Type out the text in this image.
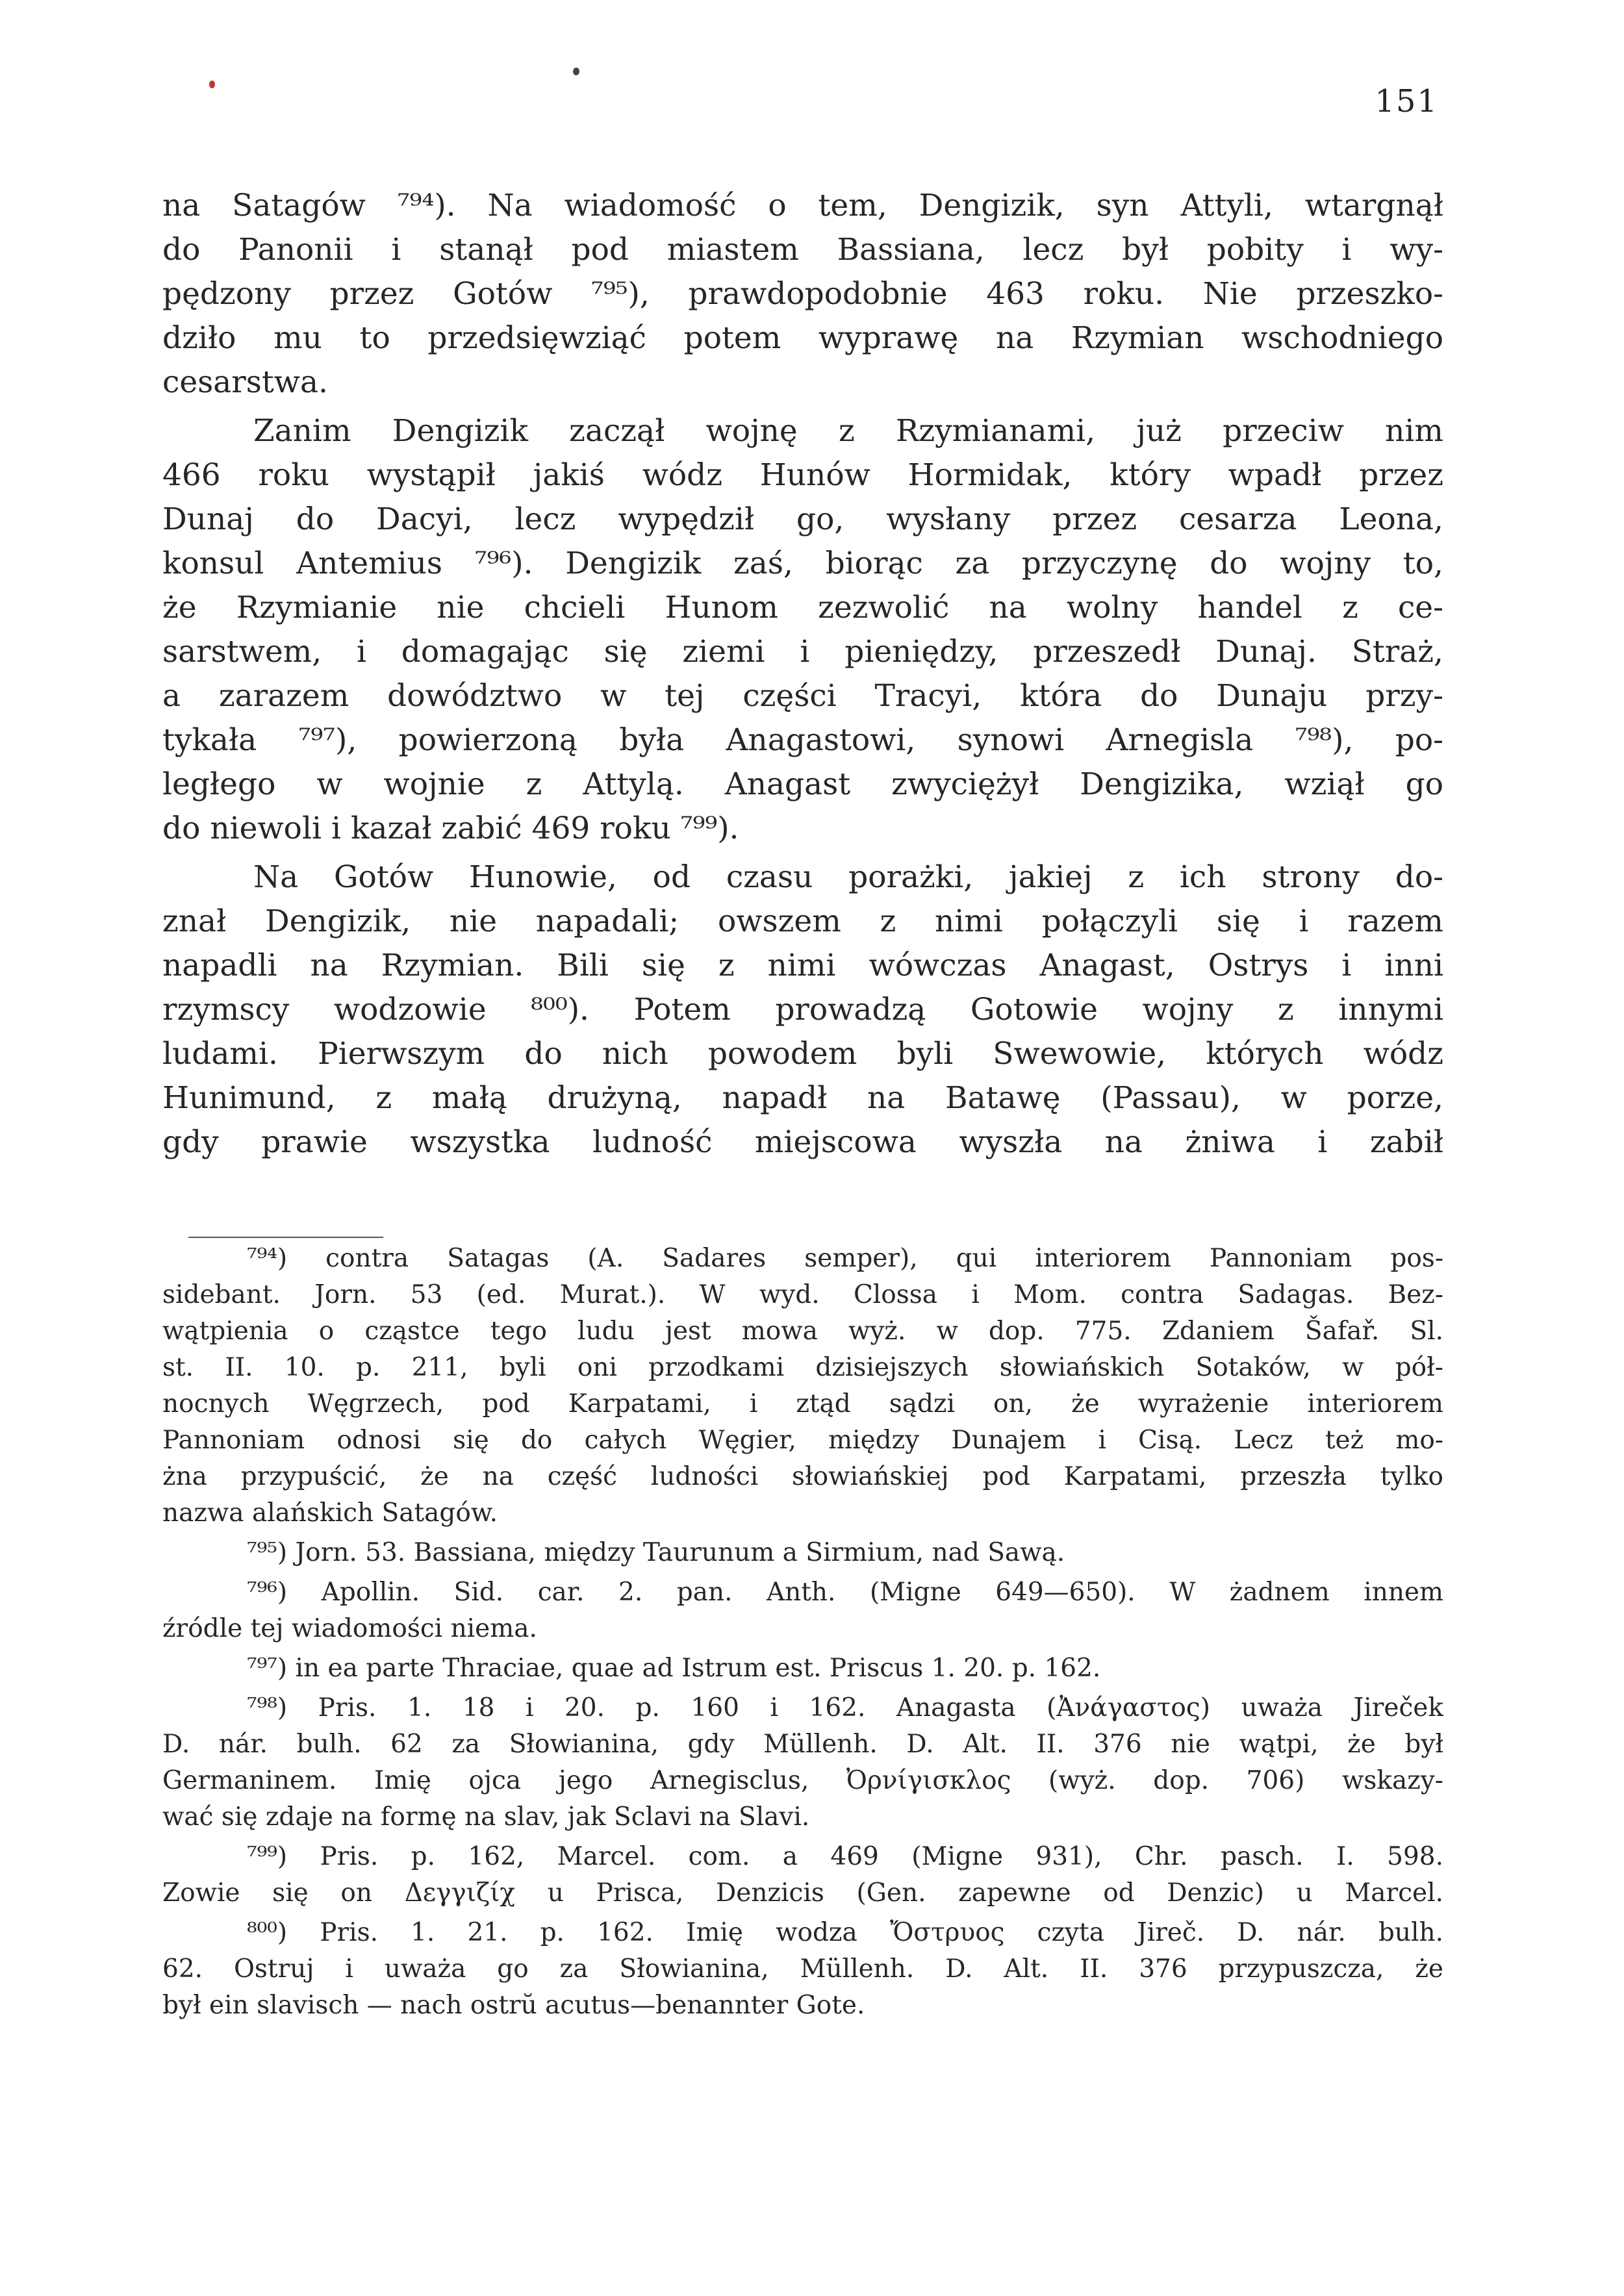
151
na Satagów ⁷⁹⁴). Na wiadomość o tem, Dengizik, syn Attyli, wtargnął
do Panonii i stanął pod miastem Bassiana, lecz był pobity i wy-
pędzony przez Gotów ⁷⁹⁵), prawdopodobnie 463 roku. Nie przeszko-
dziło mu to przedsięwziąć potem wyprawę na Rzymian wschodniego
cesarstwa.
Zanim Dengizik zaczął wojnę z Rzymianami, już przeciw nim
466 roku wystąpił jakiś wódz Hunów Hormidak, który wpadł przez
Dunaj do Dacyi, lecz wypędził go, wysłany przez cesarza Leona,
konsul Antemius ⁷⁹⁶). Dengizik zaś, biorąc za przyczynę do wojny to,
że Rzymianie nie chcieli Hunom zezwolić na wolny handel z ce-
sarstwem, i domagając się ziemi i pieniędzy, przeszedł Dunaj. Straż,
a zarazem dowództwo w tej części Tracyi, która do Dunaju przy-
tykała ⁷⁹⁷), powierzoną była Anagastowi, synowi Arnegisla ⁷⁹⁸), po-
ległego w wojnie z Attylą. Anagast zwyciężył Dengizika, wziął go
do niewoli i kazał zabić 469 roku ⁷⁹⁹).
Na Gotów Hunowie, od czasu porażki, jakiej z ich strony do-
znał Dengizik, nie napadali; owszem z nimi połączyli się i razem
napadli na Rzymian. Bili się z nimi wówczas Anagast, Ostrys i inni
rzymscy wodzowie ⁸⁰⁰). Potem prowadzą Gotowie wojny z innymi
ludami. Pierwszym do nich powodem byli Swewowie, których wódz
Hunimund, z małą drużyną, napadł na Batawę (Passau), w porze,
gdy prawie wszystka ludność miejscowa wyszła na żniwa i zabił
⁷⁹⁴) contra Satagas (A. Sadares semper), qui interiorem Pannoniam pos-
sidebant. Jorn. 53 (ed. Murat.). W wyd. Clossa i Mom. contra Sadagas. Bez-
wątpienia o cząstce tego ludu jest mowa wyż. w dop. 775. Zdaniem Šafař. Sl.
st. II. 10. p. 211, byli oni przodkami dzisiejszych słowiańskich Sotaków, w pół-
nocnych Węgrzech, pod Karpatami, i ztąd sądzi on, że wyrażenie interiorem
Pannoniam odnosi się do całych Węgier, między Dunajem i Cisą. Lecz też mo-
żna przypuścić, że na część ludności słowiańskiej pod Karpatami, przeszła tylko
nazwa alańskich Satagów.
⁷⁹⁵) Jorn. 53. Bassiana, między Taurunum a Sirmium, nad Sawą.
⁷⁹⁶) Apollin. Sid. car. 2. pan. Anth. (Migne 649—650). W żadnem innem
źródle tej wiadomości niema.
⁷⁹⁷) in ea parte Thraciae, quae ad Istrum est. Priscus 1. 20. p. 162.
⁷⁹⁸) Pris. 1. 18 i 20. p. 160 i 162. Anagasta (Ἀνάγαστος) uważa Jireček
D. nár. bulh. 62 za Słowianina, gdy Müllenh. D. Alt. II. 376 nie wątpi, że był
Germaninem. Imię ojca jego Arnegisclus, Ὀρνίγισκλος (wyż. dop. 706) wskazy-
wać się zdaje na formę na slav, jak Sclavi na Slavi.
⁷⁹⁹) Pris. p. 162, Marcel. com. a 469 (Migne 931), Chr. pasch. I. 598.
Zowie się on Δεγγιζίχ u Prisca, Denzicis (Gen. zapewne od Denzic) u Marcel.
⁸⁰⁰) Pris. 1. 21. p. 162. Imię wodza Ὄστρυος czyta Jireč. D. nár. bulh.
62. Ostruj i uważa go za Słowianina, Müllenh. D. Alt. II. 376 przypuszcza, że
był ein slavisch — nach ostrŭ acutus—benannter Gote.
